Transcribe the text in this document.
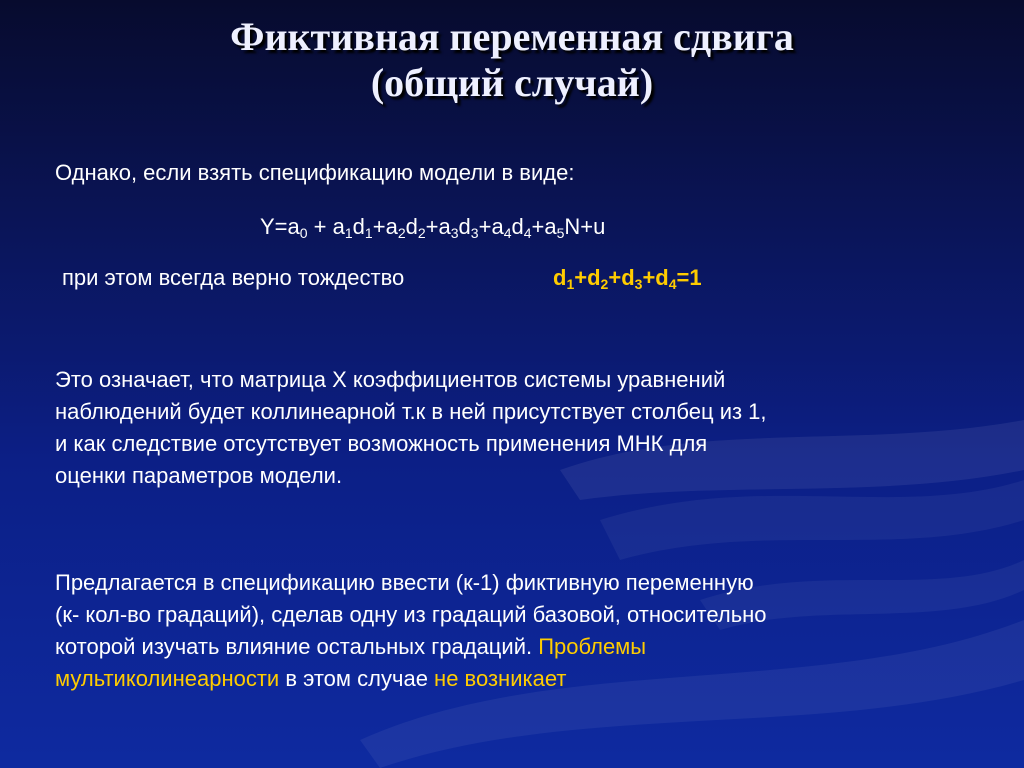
Фиктивная переменная сдвига
(общий случай)
Однако, если взять спецификацию модели в виде:
$Y=a_0 + a_1d_1+a_2d_2+a_3d_3+a_4d_4+a_5N+u$
при этом всегда верно тождество	$d_1+d_2+d_3+d_4=1$
Это означает, что матрица X коэффициентов системы уравнений
наблюдений будет коллинеарной т.к в ней присутствует столбец из 1,
и как следствие отсутствует возможность применения МНК для
оценки параметров модели.
Предлагается в спецификацию ввести (к-1) фиктивную переменную
(к- кол-во градаций), сделав одну из градаций базовой, относительно
которой изучать влияние остальных градаций. Проблемы
мультиколинеарности в этом случае не возникает
